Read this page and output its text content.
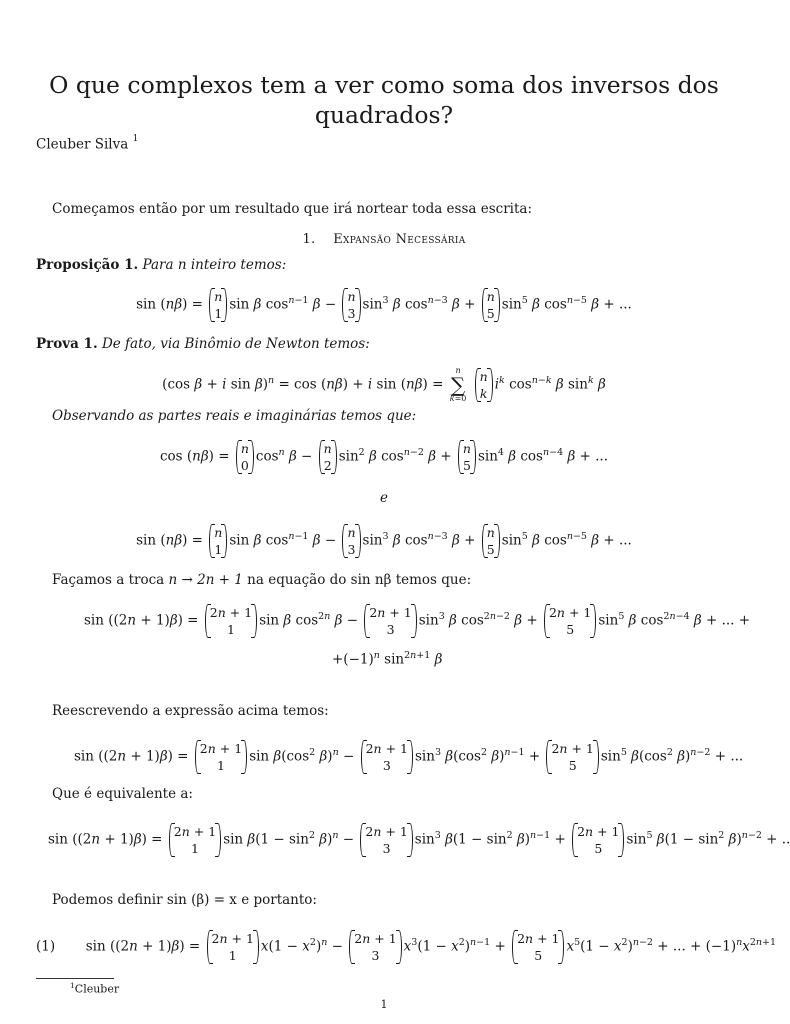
O que complexos tem a ver como soma dos inversos dos quadrados?
Cleuber Silva $^1$
Começamos então por um resultado que irá nortear toda essa escrita:
1. Expansão Necessária
Proposição 1. Para n inteiro temos:
sin (nβ) = n
1
sin β $\cos^{n-1} \beta - n$
3
$\sin^3 \beta$ $\cos^{n-3} \beta + n$
5
$\sin^5 \beta$ $\cos^{n-5} \beta$ + ...
Prova 1. De fato, via Binômio de Newton temos:
(cos β + i sin β)$^n$ = cos (nβ) + i sin (nβ) =
n
∑
k=0

n
k
$i^k$ $\cos^{n-k} \beta$ $\sin^k \beta$
Observando as partes reais e imaginárias temos que:
cos (nβ) = n
0
$\cos^n \beta - n$
2
$\sin^2 \beta$ $\cos^{n-2} \beta + n$
5
$\sin^4 \beta$ $\cos^{n-4} \beta$ + ...
e
sin (nβ) = n
1
sin β $\cos^{n-1} \beta - n$
3
$\sin^3 \beta$ $\cos^{n-3} \beta + n$
5
$\sin^5 \beta$ $\cos^{n-5} \beta$ + ...
Façamos a troca n → 2n + 1 na equação do sin nβ temos que:
sin ((2n + 1)β) = 2n + 1
1
sin β $\cos^{2n} \beta - 2n + 1$
3
$\sin^3 \beta$ $\cos^{2n-2} \beta + 2n + 1$
5
$\sin^5 \beta$ $\cos^{2n-4} \beta$ + ... +
$+(-1)^n$ $\sin^{2n+1} \beta$
Reescrevendo a expressão acima temos:
sin ((2n + 1)β) = 2n + 1
1
$\sin \beta(\cos^2$ β)$^n$ − 2n + 1
3
$\sin^3 \beta(\cos^2$ β)$^{n-1}$ + 2n + 1
5
$\sin^5 \beta(\cos^2$ β)$^{n-2}$ + ...
Que é equivalente a:
sin ((2n + 1)β) = 2n + 1
1
$\sin \beta(1 - \sin^2 \beta)^n - 2n + 1$
3
$\sin^3 \beta(1 - \sin^2 \beta)^{n-1} + 2n + 1$
5
$\sin^5 \beta(1 - \sin^2 \beta)^{n-2}$ + ..
Podemos definir sin (β) = x e portanto:
(1)  sin ((2n + 1)β) = 2n + 1
1
$x(1 - x^2)^n - 2n + 1$
3
$x^3(1 - x^2)^{n-1} + 2n + 1$
5
$x^5(1 - x^2)^{n-2}$ + ... + $(-1)^nx^{2n+1}$
$^1$Cleuber
1
